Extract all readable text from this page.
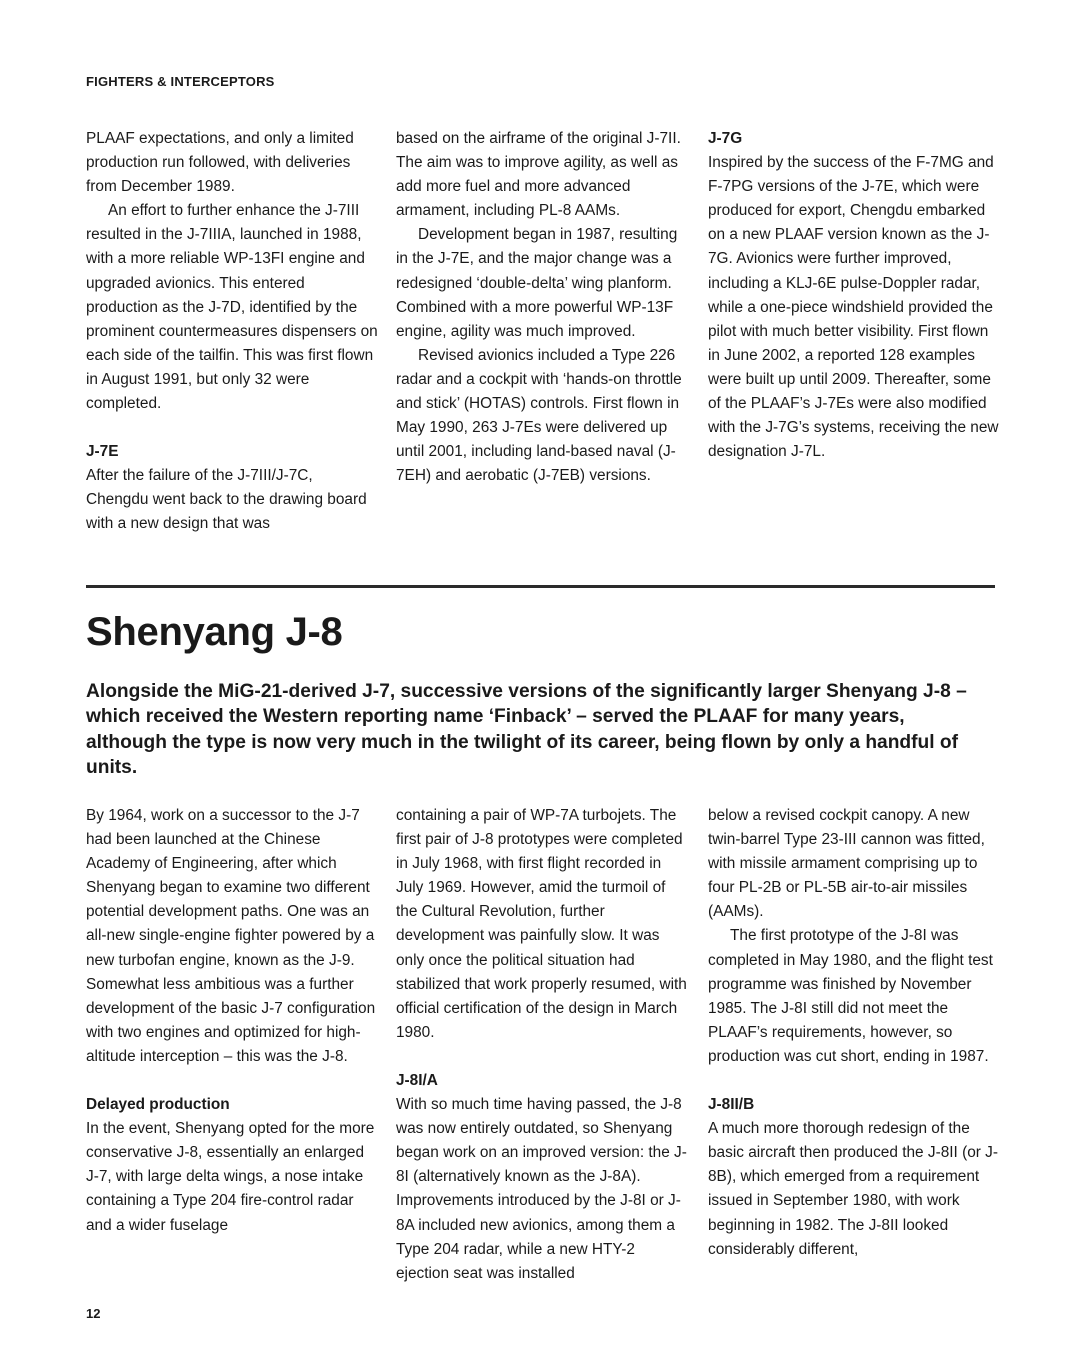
FIGHTERS & INTERCEPTORS

PLAAF expectations, and only a limited production run followed, with deliveries from December 1989.

An effort to further enhance the J-7III resulted in the J-7IIIA, launched in 1988, with a more reliable WP-13FI engine and upgraded avionics. This entered production as the J-7D, identified by the prominent countermeasures dispensers on each side of the tailfin. This was first flown in August 1991, but only 32 were completed.

J-7E

After the failure of the J-7III/J-7C, Chengdu went back to the drawing board with a new design that was

based on the airframe of the original J-7II. The aim was to improve agility, as well as add more fuel and more advanced armament, including PL-8 AAMs.

Development began in 1987, resulting in the J-7E, and the major change was a redesigned ‘double-delta’ wing planform. Combined with a more powerful WP-13F engine, agility was much improved.

Revised avionics included a Type 226 radar and a cockpit with ‘hands-on throttle and stick’ (HOTAS) controls. First flown in May 1990, 263 J-7Es were delivered up until 2001, including land-based naval (J-7EH) and aerobatic (J-7EB) versions.

J-7G

Inspired by the success of the F-7MG and F-7PG versions of the J-7E, which were produced for export, Chengdu embarked on a new PLAAF version known as the J-7G. Avionics were further improved, including a KLJ-6E pulse-Doppler radar, while a one-piece windshield provided the pilot with much better visibility. First flown in June 2002, a reported 128 examples were built up until 2009. Thereafter, some of the PLAAF’s J-7Es were also modified with the J-7G’s systems, receiving the new designation J-7L.

Shenyang J-8

Alongside the MiG-21-derived J-7, successive versions of the significantly larger Shenyang J-8 – which received the Western reporting name ‘Finback’ – served the PLAAF for many years, although the type is now very much in the twilight of its career, being flown by only a handful of units.

By 1964, work on a successor to the J-7 had been launched at the Chinese Academy of Engineering, after which Shenyang began to examine two different potential development paths. One was an all-new single-engine fighter powered by a new turbofan engine, known as the J-9. Somewhat less ambitious was a further development of the basic J-7 configuration with two engines and optimized for high-altitude interception – this was the J-8.

Delayed production

In the event, Shenyang opted for the more conservative J-8, essentially an enlarged J-7, with large delta wings, a nose intake containing a Type 204 fire-control radar and a wider fuselage

containing a pair of WP-7A turbojets. The first pair of J-8 prototypes were completed in July 1968, with first flight recorded in July 1969. However, amid the turmoil of the Cultural Revolution, further development was painfully slow. It was only once the political situation had stabilized that work properly resumed, with official certification of the design in March 1980.

J-8I/A

With so much time having passed, the J-8 was now entirely outdated, so Shenyang began work on an improved version: the J-8I (alternatively known as the J-8A). Improvements introduced by the J-8I or J-8A included new avionics, among them a Type 204 radar, while a new HTY-2 ejection seat was installed

below a revised cockpit canopy. A new twin-barrel Type 23-III cannon was fitted, with missile armament comprising up to four PL-2B or PL-5B air-to-air missiles (AAMs).

The first prototype of the J-8I was completed in May 1980, and the flight test programme was finished by November 1985. The J-8I still did not meet the PLAAF’s requirements, however, so production was cut short, ending in 1987.

J-8II/B

A much more thorough redesign of the basic aircraft then produced the J-8II (or J-8B), which emerged from a requirement issued in September 1980, with work beginning in 1982. The J-8II looked considerably different,

12
